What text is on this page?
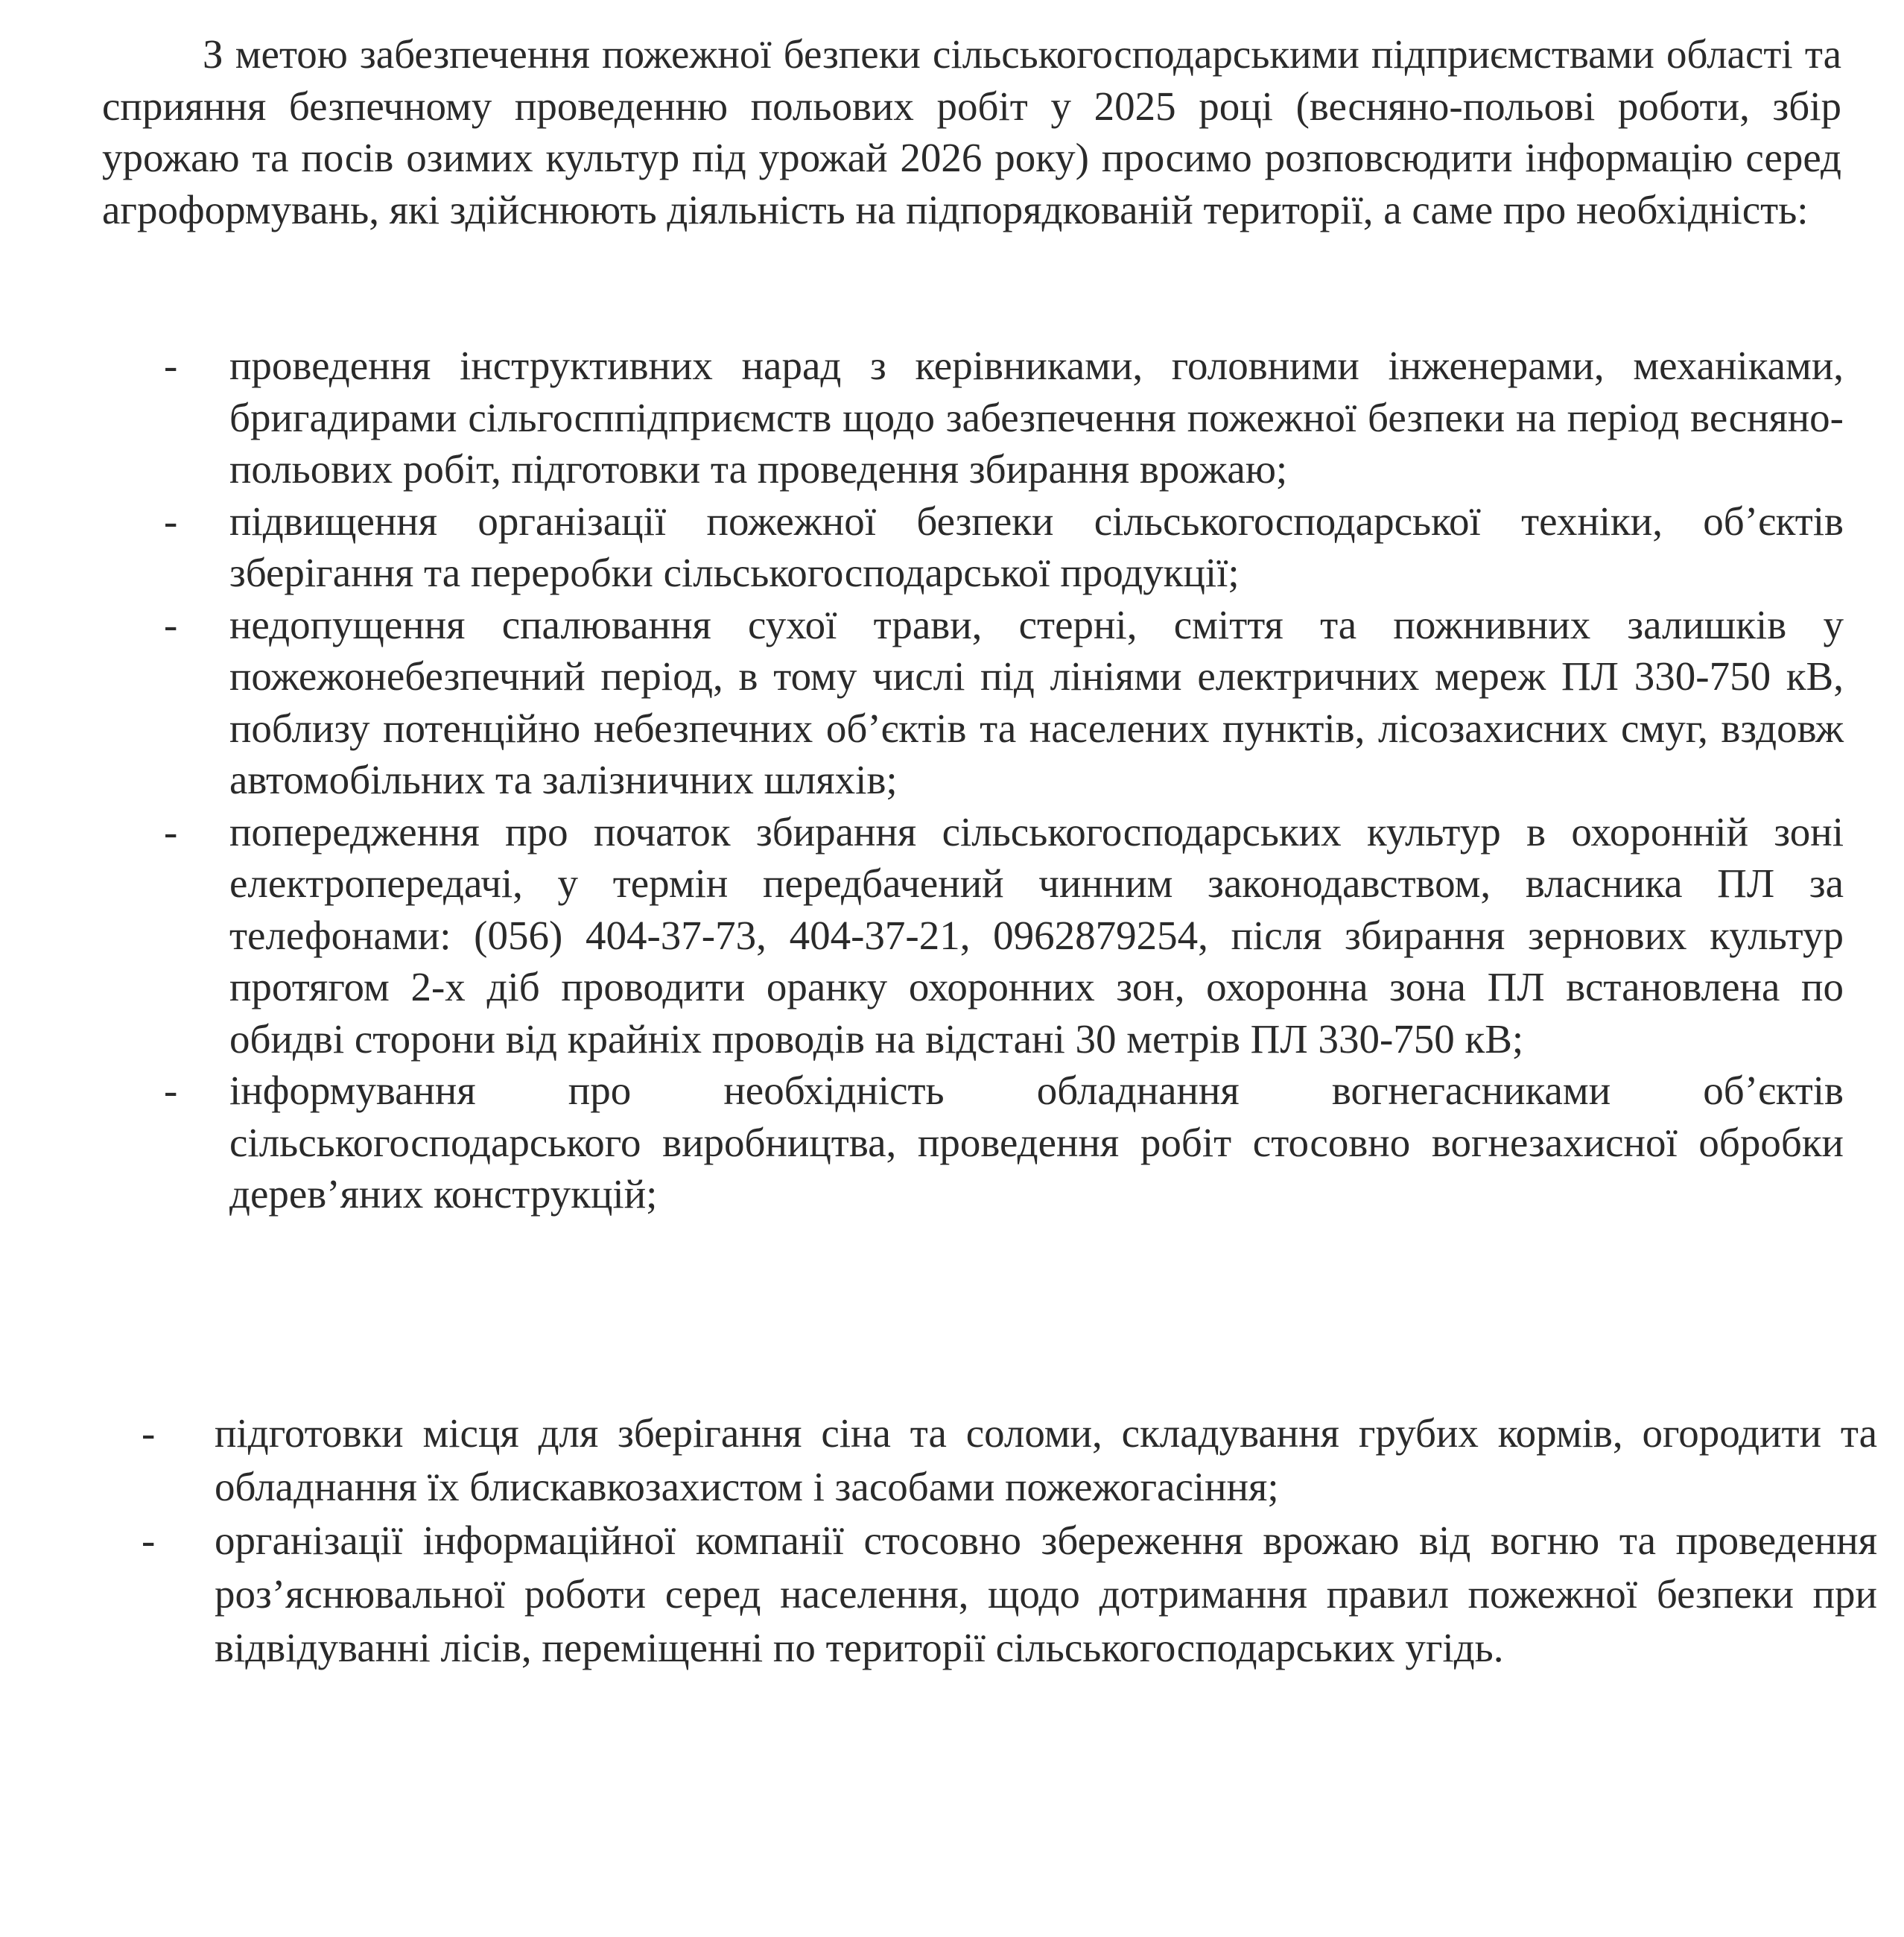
З метою забезпечення пожежної безпеки сільськогосподарськими підприємствами області та сприяння безпечному проведенню польових робіт у 2025 році (весняно-польові роботи, збір урожаю та посів озимих культур під урожай 2026 року) просимо розповсюдити інформацію серед агроформувань, які здійснюють діяльність на підпорядкованій території, а саме про необхідність:

- проведення інструктивних нарад з керівниками, головними інженерами, механіками, бригадирами сільгосппідприємств щодо забезпечення пожежної безпеки на період весняно-польових робіт, підготовки та проведення збирання врожаю;
- підвищення організації пожежної безпеки сільськогосподарської техніки, об’єктів зберігання та переробки сільськогосподарської продукції;
- недопущення спалювання сухої трави, стерні, сміття та пожнивних залишків у пожежонебезпечний період, в тому числі під лініями електричних мереж ПЛ 330-750 кВ, поблизу потенційно небезпечних об’єктів та населених пунктів, лісозахисних смуг, вздовж автомобільних та залізничних шляхів;
- попередження про початок збирання сільськогосподарських культур в охоронній зоні електропередачі, у термін передбачений чинним законодавством, власника ПЛ за телефонами: (056) 404-37-73, 404-37-21, 0962879254, після збирання зернових культур протягом 2-х діб проводити оранку охоронних зон, охоронна зона ПЛ встановлена по обидві сторони від крайніх проводів на відстані 30 метрів ПЛ 330-750 кВ;
- інформування про необхідність обладнання вогнегасниками об’єктів сільськогосподарського виробництва, проведення робіт стосовно вогнезахисної обробки дерев’яних конструкцій;
- підготовки місця для зберігання сіна та соломи, складування грубих кормів, огородити та обладнання їх блискавкозахистом і засобами пожежогасіння;
- організації інформаційної компанії стосовно збереження врожаю від вогню та проведення роз’яснювальної роботи серед населення, щодо дотримання правил пожежної безпеки при відвідуванні лісів, переміщенні по території сільськогосподарських угідь.
